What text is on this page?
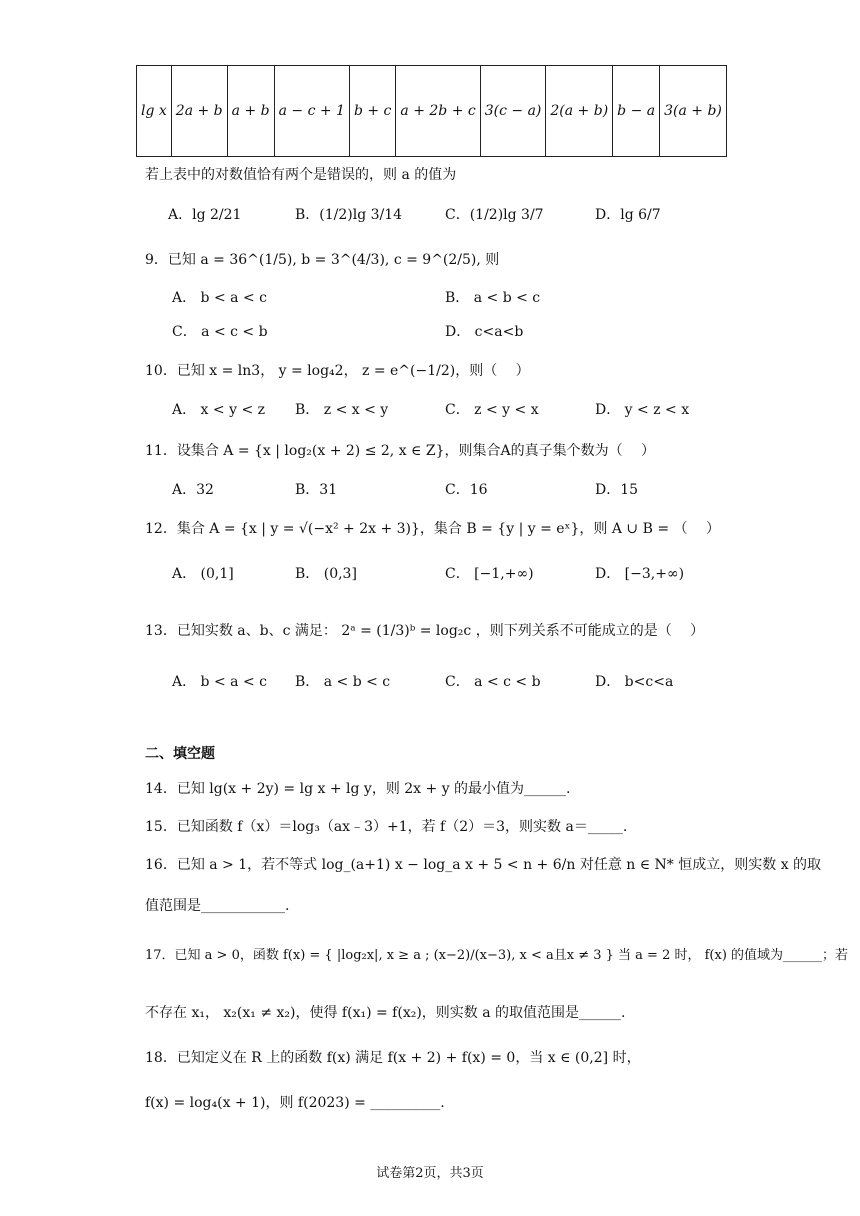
lg x	2a + b	a + b	a − c + 1	b + c	a + 2b + c	3(c − a)	2(a + b)	b − a	3(a + b)
若上表中的对数值恰有两个是错误的，则 a 的值为
A．lg 2/21	B．(1/2)lg 3/14	C．(1/2)lg 3/7	D．lg 6/7
9．已知 a = 36^(1/5), b = 3^(4/3), c = 9^(2/5), 则
A． b < a < c	B． a < b < c
C． a < c < b	D． c<a<b
10．已知 x = ln3， y = log₄2， z = e^(−1/2)，则（　 ）
A． x < y < z B． z < x < y	C． z < y < x	D． y < z < x
11．设集合 A = {x | log₂(x + 2) ≤ 2, x ∈ Z}，则集合A的真子集个数为（　 ）
A．32	B．31	C．16	D．15
12．集合 A = {x | y = √(−x² + 2x + 3)}，集合 B = {y | y = eˣ}，则 A ∪ B = （　 ）
A． (0,1]	B． (0,3]	C． [−1,+∞)	D． [−3,+∞)
13．已知实数 a、b、c 满足： 2ᵃ = (1/3)ᵇ = log₂c ，则下列关系不可能成立的是（　 ）
A． b < a < c B． a < b < c	C． a < c < b	D． b<c<a
二、填空题
14．已知 lg(x + 2y) = lg x + lg y，则 2x + y 的最小值为______.
15．已知函数 f（x）＝log₃（ax﹣3）+1，若 f（2）＝3，则实数 a＝_____.
16．已知 a > 1，若不等式 log_(a+1) x − log_a x + 5 < n + 6/n 对任意 n ∈ N* 恒成立，则实数 x 的取
值范围是____________.
17．已知 a > 0，函数 f(x) = { |log₂x|, x ≥ a ; (x−2)/(x−3), x < a且x ≠ 3 } 当 a = 2 时， f(x) 的值域为______；若
不存在 x₁， x₂(x₁ ≠ x₂)，使得 f(x₁) = f(x₂)，则实数 a 的取值范围是______.
18．已知定义在 R 上的函数 f(x) 满足 f(x + 2) + f(x) = 0，当 x ∈ (0,2] 时，
f(x) = log₄(x + 1)，则 f(2023) = __________.
试卷第2页，共3页
